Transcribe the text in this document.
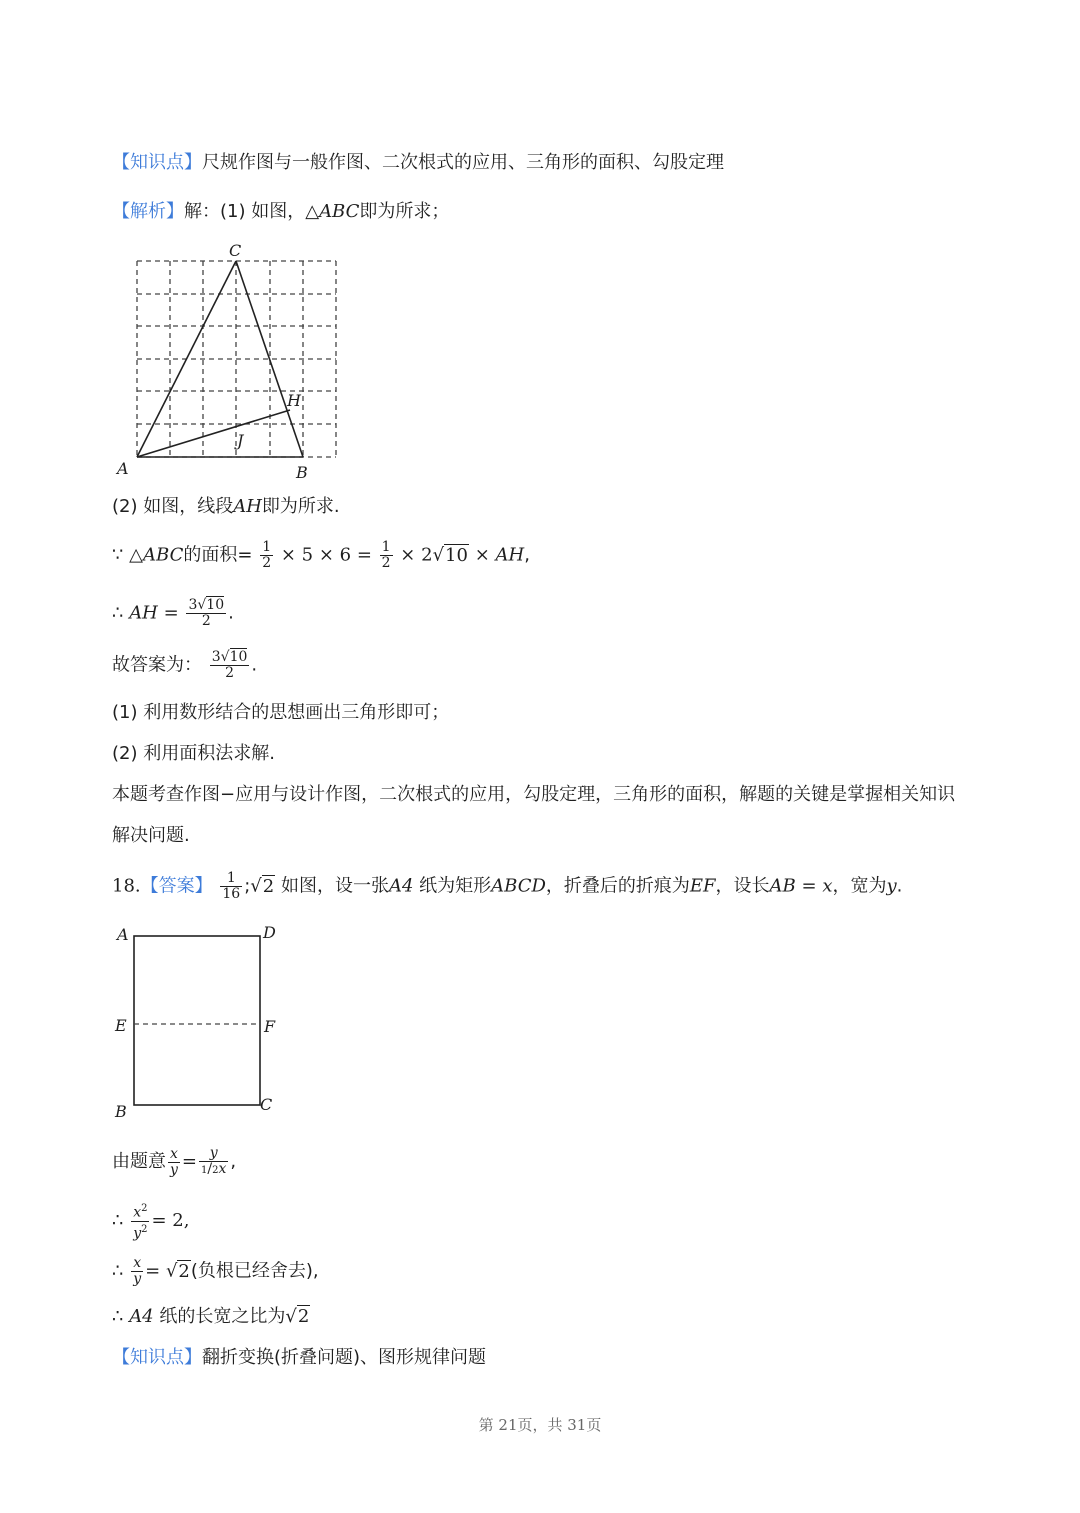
【知识点】尺规作图与一般作图、二次根式的应用、三角形的面积、勾股定理
【解析】解：(1) 如图，△ABC即为所求；
C
H
J
A	B
(2) 如图，线段AH即为所求.
∵ △ABC的面积= $\frac{1}{2} \times 5 \times 6 = \frac{1}{2} \times 2√10$ × AH,
∴ AH = $\frac{3√10}{2}$ .
故答案为： $\frac{3√10}{2}$ .
(1) 利用数形结合的思想画出三角形即可；
(2) 利用面积法求解.
本题考查作图−应用与设计作图，二次根式的应用，勾股定理，三角形的面积，解题的关键是掌握相关知识
解决问题.
18.【答案】 $\frac{1}{16}$ ;√2 如图，设一张A4 纸为矩形ABCD，折叠后的折痕为EF，设长AB = x，宽为y.
A	D
E	F
B	C
由题意 $\frac{x}{y} = \frac{y}{1/2x}$ ,
∴ $\frac{x^2}{y^2} = 2$,
∴ $\frac{x}{y} = √2$(负根已经舍去),
∴ A4 纸的长宽之比为√2
【知识点】翻折变换(折叠问题)、图形规律问题
第 21页，共 31页
